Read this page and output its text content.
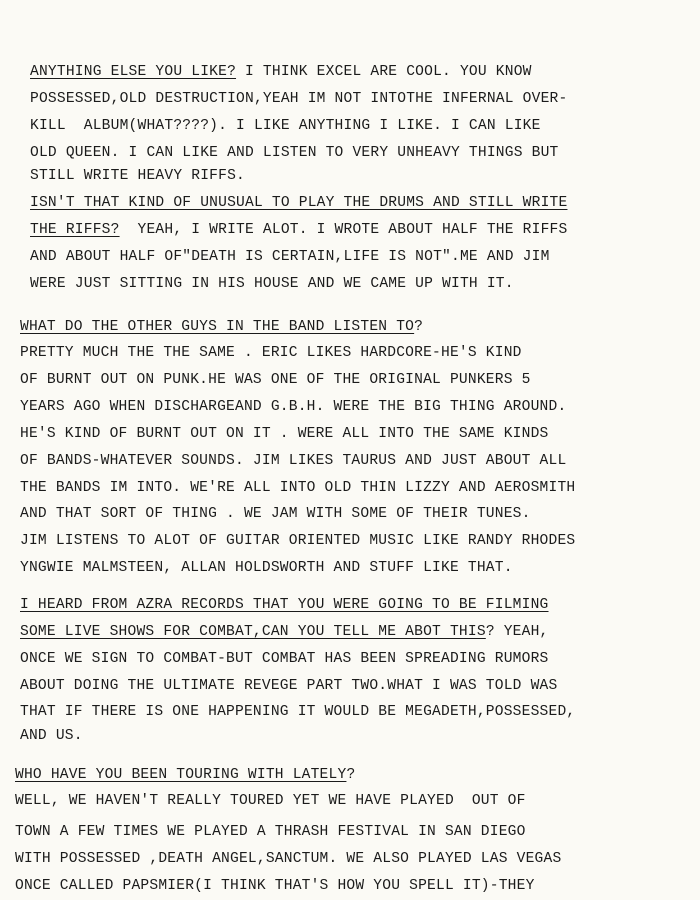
ANYTHING ELSE YOU LIKE? I THINK EXCEL ARE COOL. YOU KNOW
POSSESSED,OLD DESTRUCTION,YEAH IM NOT INTOTHE INFERNAL OVER-
KILL  ALBUM(WHAT????). I LIKE ANYTHING I LIKE. I CAN LIKE
OLD QUEEN. I CAN LIKE AND LISTEN TO VERY UNHEAVY THINGS BUT
STILL WRITE HEAVY RIFFS.
ISN'T THAT KIND OF UNUSUAL TO PLAY THE DRUMS AND STILL WRITE
THE RIFFS?  YEAH, I WRITE ALOT. I WROTE ABOUT HALF THE RIFFS
AND ABOUT HALF OF"DEATH IS CERTAIN,LIFE IS NOT".ME AND JIM
WERE JUST SITTING IN HIS HOUSE AND WE CAME UP WITH IT.
WHAT DO THE OTHER GUYS IN THE BAND LISTEN TO?
PRETTY MUCH THE THE SAME . ERIC LIKES HARDCORE-HE'S KIND
OF BURNT OUT ON PUNK.HE WAS ONE OF THE ORIGINAL PUNKERS 5
YEARS AGO WHEN DISCHARGEAND G.B.H. WERE THE BIG THING AROUND.
HE'S KIND OF BURNT OUT ON IT . WERE ALL INTO THE SAME KINDS
OF BANDS-WHATEVER SOUNDS. JIM LIKES TAURUS AND JUST ABOUT ALL
THE BANDS IM INTO. WE'RE ALL INTO OLD THIN LIZZY AND AEROSMITH
AND THAT SORT OF THING . WE JAM WITH SOME OF THEIR TUNES.
JIM LISTENS TO ALOT OF GUITAR ORIENTED MUSIC LIKE RANDY RHODES
YNGWIE MALMSTEEN, ALLAN HOLDSWORTH AND STUFF LIKE THAT.
I HEARD FROM AZRA RECORDS THAT YOU WERE GOING TO BE FILMING
SOME LIVE SHOWS FOR COMBAT,CAN YOU TELL ME ABOT THIS? YEAH,
ONCE WE SIGN TO COMBAT-BUT COMBAT HAS BEEN SPREADING RUMORS
ABOUT DOING THE ULTIMATE REVEGE PART TWO.WHAT I WAS TOLD WAS
THAT IF THERE IS ONE HAPPENING IT WOULD BE MEGADETH,POSSESSED,
AND US.
WHO HAVE YOU BEEN TOURING WITH LATELY?
WELL, WE HAVEN'T REALLY TOURED YET WE HAVE PLAYED  OUT OF
TOWN A FEW TIMES WE PLAYED A THRASH FESTIVAL IN SAN DIEGO
WITH POSSESSED ,DEATH ANGEL,SANCTUM. WE ALSO PLAYED LAS VEGAS
ONCE CALLED PAPSMIER(I THINK THAT'S HOW YOU SPELL IT)-THEY
